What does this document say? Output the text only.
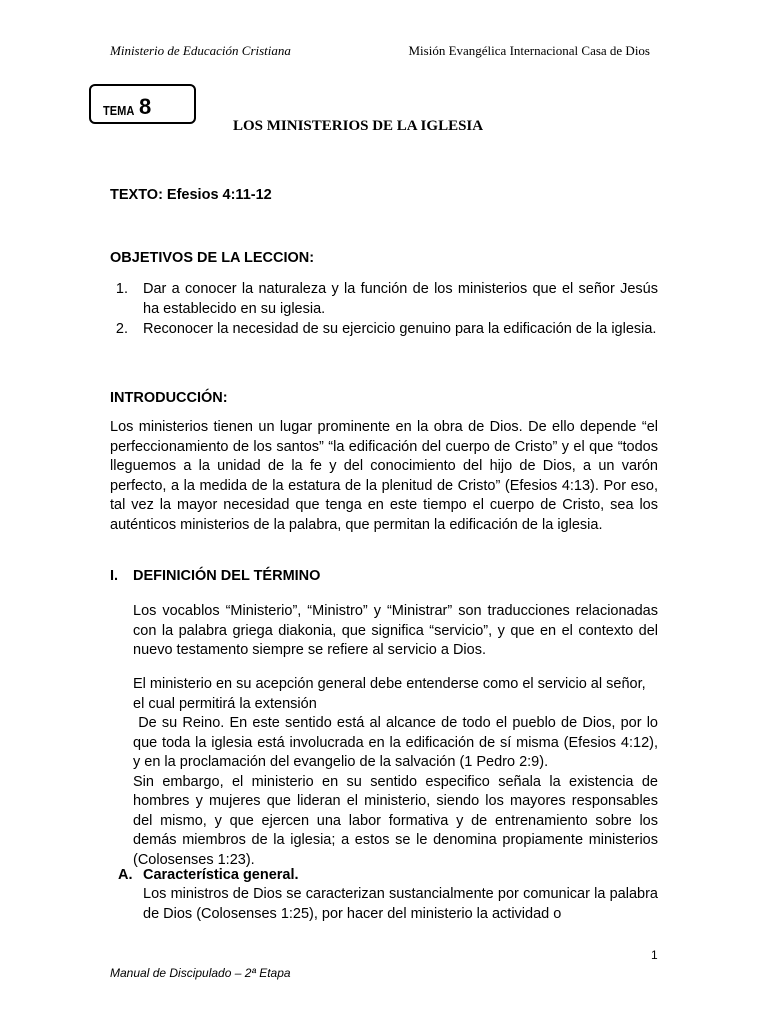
Ministerio de Educación Cristiana	Misión Evangélica Internacional Casa de Dios
TEMA 8
LOS MINISTERIOS DE LA IGLESIA
TEXTO: Efesios 4:11-12
OBJETIVOS DE LA LECCION:
1. Dar a conocer la naturaleza y la función de los ministerios que el señor Jesús ha establecido en su iglesia.
2. Reconocer la necesidad de su ejercicio genuino para la edificación de la iglesia.
INTRODUCCIÓN:
Los ministerios tienen un lugar prominente en la obra de Dios. De ello depende “el perfeccionamiento de los santos” “la edificación del cuerpo de Cristo” y el que “todos lleguemos a la unidad de la fe y del conocimiento del hijo de Dios, a un varón perfecto, a la medida de la estatura de la plenitud de Cristo” (Efesios 4:13). Por eso, tal vez la mayor necesidad que tenga en este tiempo el cuerpo de Cristo, sea los auténticos ministerios de la palabra, que permitan la edificación de la iglesia.
I. DEFINICIÓN DEL TÉRMINO
Los vocablos “Ministerio”, “Ministro” y “Ministrar” son traducciones relacionadas con la palabra griega diakonia, que significa “servicio”, y que en el contexto del nuevo testamento siempre se refiere al servicio a Dios.
El ministerio en su acepción general debe entenderse como el servicio al señor, el cual permitirá la extensión
De su Reino. En este sentido está al alcance de todo el pueblo de Dios, por lo que toda la iglesia está involucrada en la edificación de sí misma (Efesios 4:12), y en la proclamación del evangelio de la salvación (1 Pedro 2:9).
Sin embargo, el ministerio en su sentido especifico señala la existencia de hombres y mujeres que lideran el ministerio, siendo los mayores responsables del mismo, y que ejercen una labor formativa y de entrenamiento sobre los demás miembros de la iglesia; a estos se le denomina propiamente ministerios (Colosenses 1:23).
A. Característica general.
Los ministros de Dios se caracterizan sustancialmente por comunicar la palabra de Dios (Colosenses 1:25), por hacer del ministerio la actividad o
1
Manual de Discipulado – 2ª Etapa
